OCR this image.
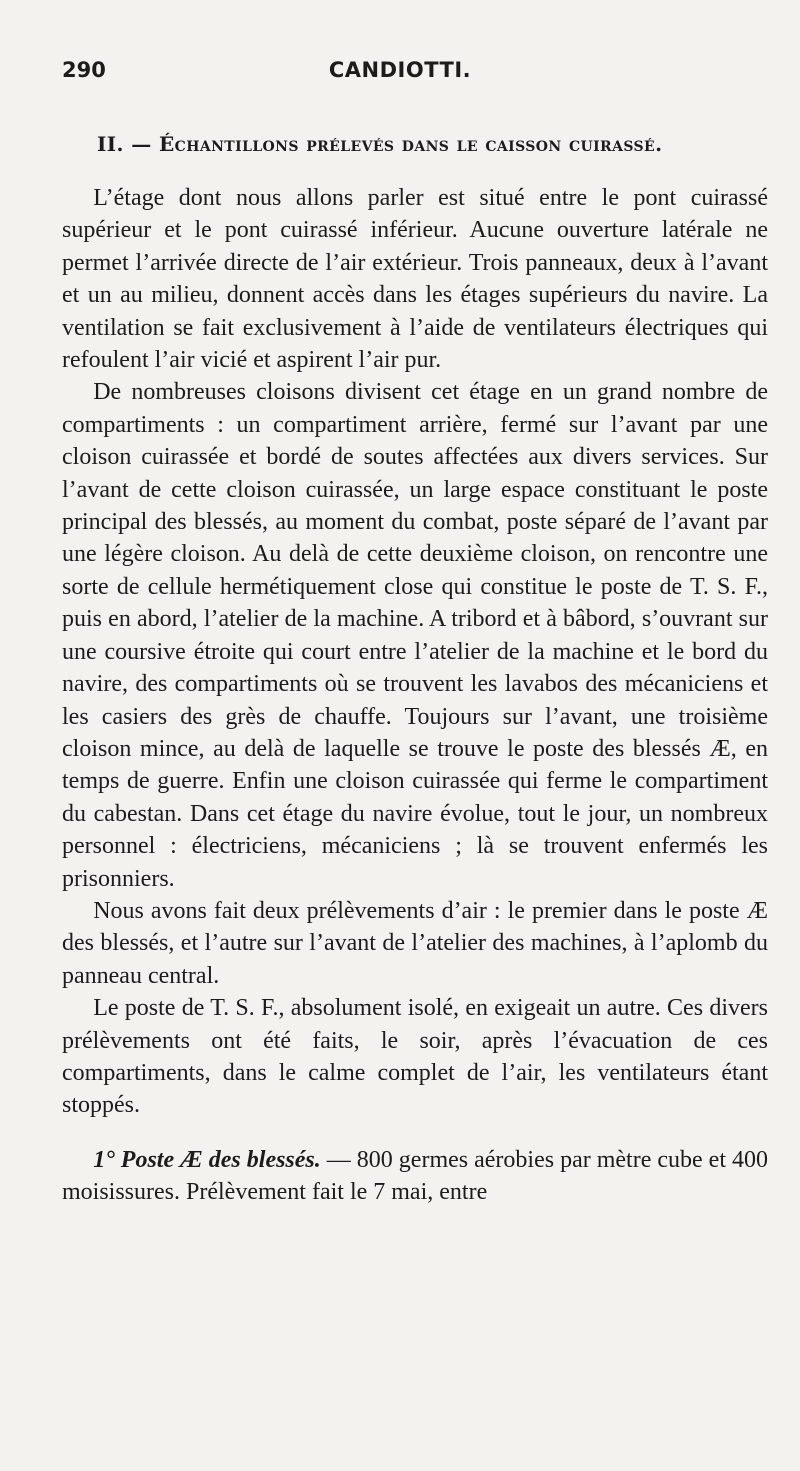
290	CANDIOTTI.
II. — Échantillons prélevés dans le caisson cuirassé.

L’étage dont nous allons parler est situé entre le pont cuirassé supérieur et le pont cuirassé inférieur. Aucune ouverture latérale ne permet l’arrivée directe de l’air extérieur. Trois panneaux, deux à l’avant et un au milieu, donnent accès dans les étages supérieurs du navire. La ventilation se fait exclusivement à l’aide de ventilateurs électriques qui refoulent l’air vicié et aspirent l’air pur.

De nombreuses cloisons divisent cet étage en un grand nombre de compartiments : un compartiment arrière, fermé sur l’avant par une cloison cuirassée et bordé de soutes affectées aux divers services. Sur l’avant de cette cloison cuirassée, un large espace constituant le poste principal des blessés, au moment du combat, poste séparé de l’avant par une légère cloison. Au delà de cette deuxième cloison, on rencontre une sorte de cellule hermétiquement close qui constitue le poste de T. S. F., puis en abord, l’atelier de la machine. A tribord et à bâbord, s’ouvrant sur une coursive étroite qui court entre l’atelier de la machine et le bord du navire, des compartiments où se trouvent les lavabos des mécaniciens et les casiers des grès de chauffe. Toujours sur l’avant, une troisième cloison mince, au delà de laquelle se trouve le poste des blessés Æ, en temps de guerre. Enfin une cloison cuirassée qui ferme le compartiment du cabestan. Dans cet étage du navire évolue, tout le jour, un nombreux personnel : électriciens, mécaniciens ; là se trouvent enfermés les prisonniers.

Nous avons fait deux prélèvements d’air : le premier dans le poste Æ des blessés, et l’autre sur l’avant de l’atelier des machines, à l’aplomb du panneau central.

Le poste de T. S. F., absolument isolé, en exigeait un autre. Ces divers prélèvements ont été faits, le soir, après l’évacuation de ces compartiments, dans le calme complet de l’air, les ventilateurs étant stoppés.

1° Poste Æ des blessés. — 800 germes aérobies par mètre cube et 400 moisissures. Prélèvement fait le 7 mai, entre
